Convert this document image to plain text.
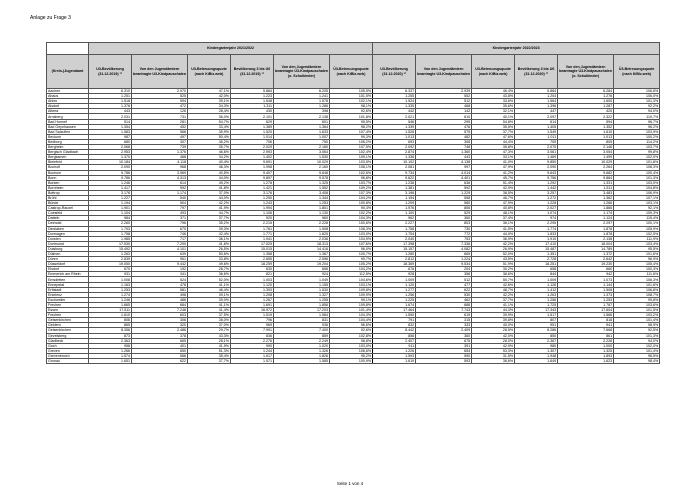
Anlage zu Frage 3
	Kindergartenjahr 2021/2022						Kindergartenjahr 2022/2023					
(Kreis-)Jugendamt	U3-Bevölkerung (31.12.2019) ¹⁾	Von den Jugendämtern beantragte U3-Kindpauschalen	U3-Betreuungsquote (nach KiBiz.web)	Bevölkerung 3 bis U6 (31.12.2019) ¹⁾	Von den Jugendämtern beantragte Ü3-Kindpauschalen (o. Schulkinder)	Ü3-Betreuungsquote (nach KiBiz.web)	U3-Bevölkerung (31.12.2020) ¹⁾	Von den Jugendämtern beantragte U3-Kindpauschalen	U3-Betreuungsquote (nach KiBiz.web)	Bevölkerung 3 bis U6 (31.12.2020) ¹⁾	Von den Jugendämtern beantragte Ü3-Kindpauschalen (o. Schulkinder)	Ü3-Betreuungsquote (nach KiBiz.web)
Aachen	6.310	2.970	47,1%	5.884	6.205	105,5%	6.337	2.939	46,4%	5.884	6.284	106,8%
Ahaus	1.251	525	42,0%	1.223	1.241	101,5%	1.255	552	43,8%	1.204	1.276	106,0%
Ahlen	1.518	594	39,1%	1.548	1.578	102,1%	1.524	512	33,6%	1.564	1.600	101,3%
Alsdorf	1.376	472	34,3%	1.311	1.286	98,1%	1.335	468	35,6%	1.396	1.287	92,2%
Altena	443	126	28,4%	430	398	92,6%	442	142	32,1%	447	420	94,0%
Arnsberg	2.031	731	36,0%	2.101	2.138	101,8%	2.021	810	40,1%	2.097	2.322	110,7%
Bad Honnef	514	281	54,7%	629	601	95,5%	546	299	54,8%	614	594	96,7%
Bad Oeynhausen	1.354	452	33,4%	1.389	1.364	98,2%	1.339	476	35,5%	1.405	1.352	96,2%
Bad Salzuflen	1.583	568	35,9%	1.520	1.633	107,4%	1.526	575	37,7%	1.549	1.610	103,9%
Beckum	987	497	50,4%	1.014	1.007	99,3%	1.013	482	47,6%	1.011	1.013	100,2%
Bedburg	680	307	45,2%	706	750	106,2%	693	308	44,4%	705	805	114,2%
Bergheim	2.068	739	35,7%	2.029	2.180	107,5%	2.092	748	35,8%	2.070	2.146	103,7%
Bergisch Gladbach	2.953	1.376	46,6%	2.993	3.064	102,4%	2.874	1.360	47,3%	3.061	3.054	99,8%
Bergkamen	1.370	468	34,2%	1.402	1.530	109,1%	1.336	443	33,1%	1.469	1.499	102,0%
Bielefeld	10.184	4.118	40,4%	9.691	10.029	103,5%	10.102	4.138	41,0%	9.850	10.029	101,8%
Bocholt	2.090	968	46,3%	1.998	2.160	108,1%	2.081	997	47,9%	2.090	2.264	108,3%
Bochum	9.786	3.969	40,5%	9.407	9.648	102,6%	9.734	4.014	41,2%	9.643	9.682	100,4%
Bonn	9.786	4.313	44,0%	9.897	9.578	96,8%	9.622	4.401	45,7%	9.756	9.884	101,3%
Borken	1.246	614	49,2%	1.278	1.325	103,7%	1.238	636	51,4%	1.292	1.331	103,0%
Bornheim	1.417	592	41,8%	1.421	1.552	109,2%	1.381	592	42,9%	1.442	1.511	104,8%
Bottrop	3.176	1.174	37,0%	3.176	3.408	107,3%	3.196	1.229	38,5%	3.257	3.483	106,9%
Brühl	1.227	540	44,0%	1.290	1.344	104,2%	1.194	558	46,7%	1.272	1.362	107,1%
Bünde	1.194	504	42,2%	1.243	1.253	100,8%	1.209	580	47,9%	1.228	1.266	103,1%
Castrop-Rauxel	1.901	797	41,9%	1.994	1.801	90,3%	1.976	806	40,8%	2.027	1.866	92,1%
Coesfeld	1.104	493	44,7%	1.106	1.130	102,2%	1.100	529	48,1%	1.074	1.174	109,3%
Datteln	984	371	37,7%	920	960	104,3%	962	360	37,4%	974	1.124	115,4%
Detmold	2.260	796	35,2%	2.215	2.228	100,6%	2.227	803	36,1%	2.295	2.297	100,1%
Dinslaken	1.703	670	39,3%	1.761	1.908	108,3%	1.758	730	41,5%	1.774	1.878	105,9%
Dormagen	1.758	746	42,4%	1.771	1.825	103,0%	1.754	772	44,0%	1.833	1.878	102,5%
Dorsten	1.985	717	36,1%	1.941	2.036	104,9%	2.040	753	36,9%	1.910	2.138	111,9%
Dortmund	17.530	7.290	41,6%	17.025	18.313	107,6%	17.398	7.336	42,2%	17.410	18.004	103,4%
Duisburg	15.492	4.101	26,5%	15.015	14.416	96,0%	15.157	4.082	26,9%	15.487	14.789	95,5%
Dülmen	1.263	639	50,6%	1.358	1.367	100,7%	1.280	665	52,0%	1.351	1.372	101,6%
Düren	2.839	961	33,8%	2.655	2.596	99,7%	2.812	1.224	43,5%	2.728	2.642	96,9%
Düsseldorf	19.050	9.442	49,6%	18.259	19.204	105,2%	18.369	9.534	51,9%	18.251	19.230	105,4%
Elsdorf	670	192	28,7%	630	656	104,2%	676	204	30,2%	658	660	100,3%
Emmerich am Rhein	931	341	36,6%	821	924	112,5%	928	358	38,6%	844	942	111,6%
Emsdetten	1.008	524	52,0%	1.003	1.049	104,6%	1.009	512	50,7%	1.009	1.073	106,3%
Ennepetal	1.163	478	41,1%	1.120	1.155	103,1%	1.120	477	42,6%	1.126	1.144	101,6%
Erftstadt	1.253	581	46,4%	1.393	1.530	109,8%	1.277	622	48,7%	1.412	1.508	106,8%
Erkelenz	1.274	498	39,1%	1.208	1.327	109,9%	1.256	530	42,2%	1.263	1.373	108,7%
Eschweiler	1.246	486	39,0%	1.267	1.255	99,1%	1.225	462	37,7%	1.256	1.253	99,8%
Frechen	1.665	684	41,1%	1.691	1.856	109,8%	1.674	688	41,1%	1.725	1.787	103,6%
Essen	17.511	7.248	41,4%	16.972	17.203	101,4%	17.464	7.743	44,3%	17.343	17.604	101,5%
Frechen	1.610	603	37,5%	1.519	1.584	104,3%	1.550	619	39,9%	1.517	1.566	103,2%
Gelsenkirchen	806	306	38,0%	796	831	104,4%	791	315	39,8%	807	818	101,4%
Geldern	865	320	37,0%	969	936	96,6%	832	333	40,0%	951	941	98,9%
Gelsenkirchen	8.358	2.486	29,7%	7.991	7.400	92,6%	8.442	2.409	28,5%	8.286	7.668	92,5%
Gevelsberg	873	378	43,3%	836	859	102,8%	858	360	42,0%	850	861	101,3%
Gladbeck	2.363	665	28,1%	2.276	2.249	98,8%	2.407	675	28,0%	2.367	2.228	94,0%
Goch	958	401	41,9%	990	1.020	103,0%	911	391	42,9%	980	1.000	102,0%
Greven	1.266	650	51,3%	1.244	1.326	106,6%	1.226	654	53,3%	1.307	1.325	101,4%
Grevenbroich	1.574	566	35,4%	1.617	1.826	95,2%	1.593	590	31,5%	1.948	1.893	96,5%
Gronau	1.651	622	37,7%	1.571	1.585	100,9%	1.619	593	36,6%	1.649	1.623	98,4%
Seite 1 von 4
